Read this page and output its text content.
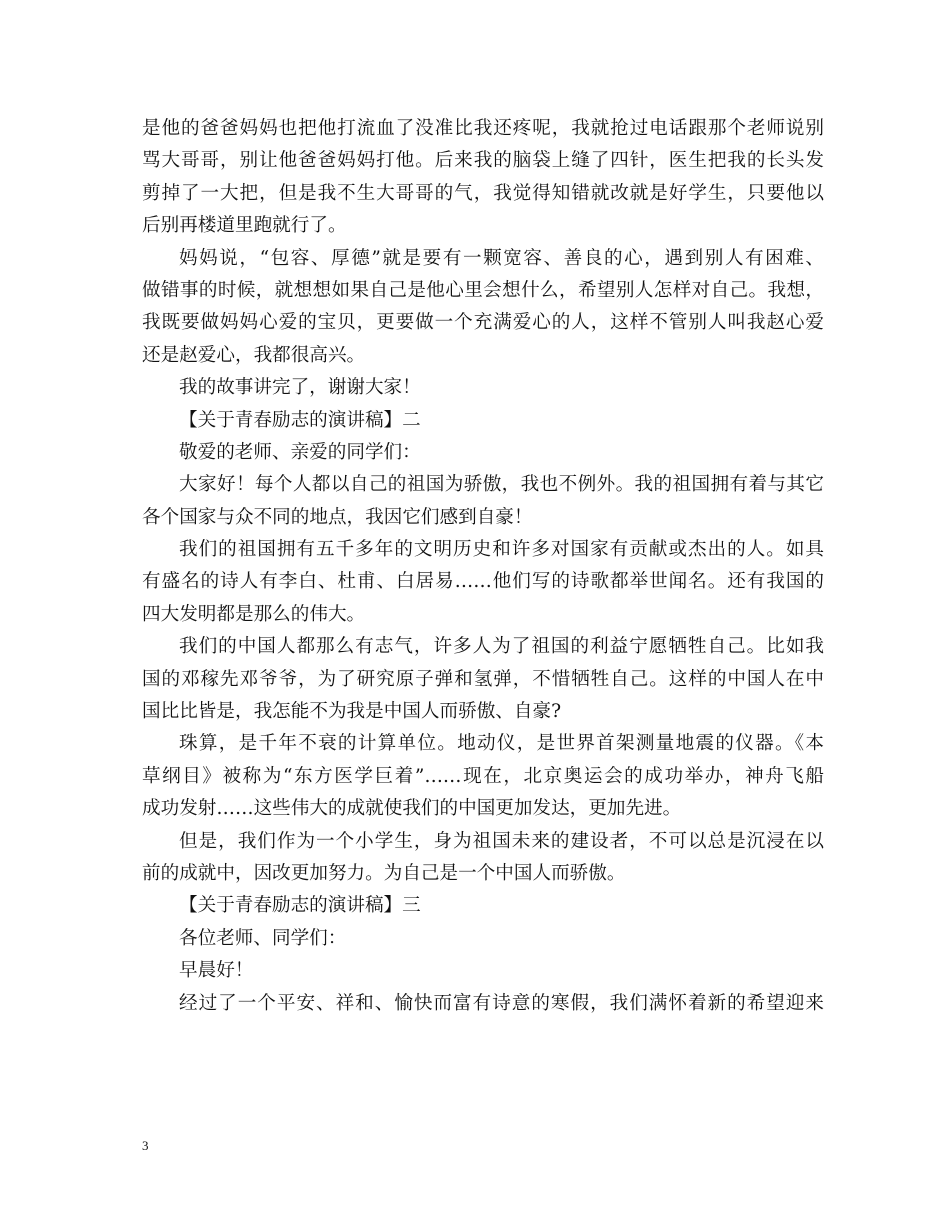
是他的爸爸妈妈也把他打流血了没准比我还疼呢，我就抢过电话跟那个老师说别
骂大哥哥，别让他爸爸妈妈打他。后来我的脑袋上缝了四针，医生把我的长头发
剪掉了一大把，但是我不生大哥哥的气，我觉得知错就改就是好学生，只要他以
后别再楼道里跑就行了。
妈妈说，“包容、厚德”就是要有一颗宽容、善良的心，遇到别人有困难、
做错事的时候，就想想如果自己是他心里会想什么，希望别人怎样对自己。我想，
我既要做妈妈心爱的宝贝，更要做一个充满爱心的人，这样不管别人叫我赵心爱
还是赵爱心，我都很高兴。
我的故事讲完了，谢谢大家！
【关于青春励志的演讲稿】二
敬爱的老师、亲爱的同学们：
大家好！每个人都以自己的祖国为骄傲，我也不例外。我的祖国拥有着与其它
各个国家与众不同的地点，我因它们感到自豪！
我们的祖国拥有五千多年的文明历史和许多对国家有贡献或杰出的人。如具
有盛名的诗人有李白、杜甫、白居易……他们写的诗歌都举世闻名。还有我国的
四大发明都是那么的伟大。
我们的中国人都那么有志气，许多人为了祖国的利益宁愿牺牲自己。比如我
国的邓稼先邓爷爷，为了研究原子弹和氢弹，不惜牺牲自己。这样的中国人在中
国比比皆是，我怎能不为我是中国人而骄傲、自豪?
珠算，是千年不衰的计算单位。地动仪，是世界首架测量地震的仪器。《本
草纲目》被称为“东方医学巨着”……现在，北京奥运会的成功举办，神舟飞船
成功发射……这些伟大的成就使我们的中国更加发达，更加先进。
但是，我们作为一个小学生，身为祖国未来的建设者，不可以总是沉浸在以
前的成就中，因改更加努力。为自己是一个中国人而骄傲。
【关于青春励志的演讲稿】三
各位老师、同学们：
早晨好！
经过了一个平安、祥和、愉快而富有诗意的寒假，我们满怀着新的希望迎来
3
